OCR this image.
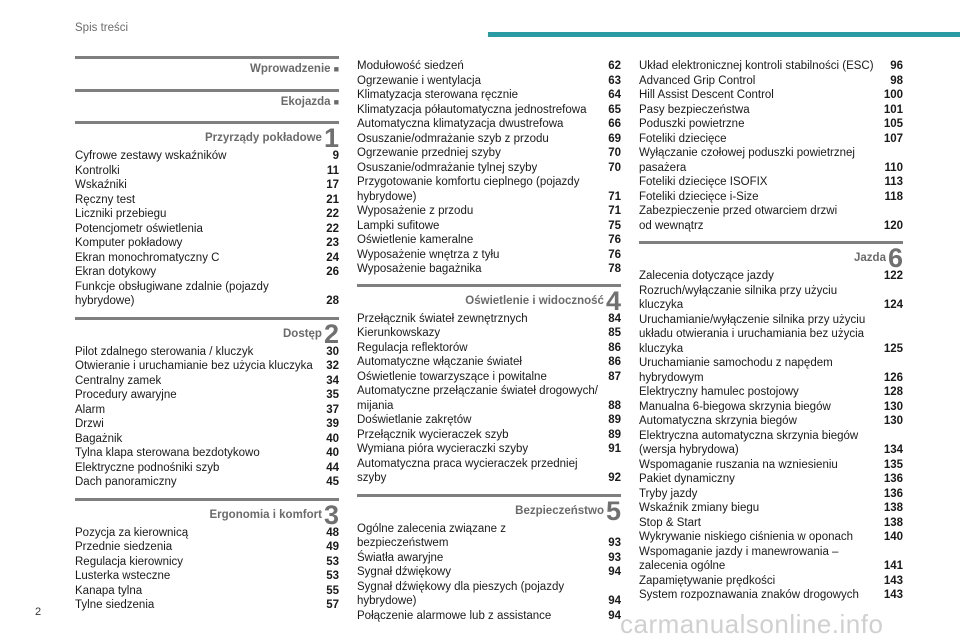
Spis treści
Wprowadzenie ■
Ekojazda ■
Przyrządy pokładowe1
Cyfrowe zestawy wskaźników	9
Kontrolki	11
Wskaźniki	17
Ręczny test	21
Liczniki przebiegu	22
Potencjometr oświetlenia	22
Komputer pokładowy	23
Ekran monochromatyczny C	24
Ekran dotykowy	26
Funkcje obsługiwane zdalnie (pojazdy
hybrydowe)	28
Dostęp2
Pilot zdalnego sterowania / kluczyk	30
Otwieranie i uruchamianie bez użycia kluczyka	32
Centralny zamek	34
Procedury awaryjne	35
Alarm	37
Drzwi	39
Bagażnik	40
Tylna klapa sterowana bezdotykowo	40
Elektryczne podnośniki szyb	44
Dach panoramiczny	45
Ergonomia i komfort3
Pozycja za kierownicą	48
Przednie siedzenia	49
Regulacja kierownicy	53
Lusterka wsteczne	53
Kanapa tylna	55
Tylne siedzenia	57
Modułowość siedzeń	62
Ogrzewanie i wentylacja	63
Klimatyzacja sterowana ręcznie	64
Klimatyzacja półautomatyczna jednostrefowa	65
Automatyczna klimatyzacja dwustrefowa	66
Osuszanie/odmrażanie szyb z przodu	69
Ogrzewanie przedniej szyby	70
Osuszanie/odmrażanie tylnej szyby	70
Przygotowanie komfortu cieplnego (pojazdy
hybrydowe)	71
Wyposażenie z przodu	71
Lampki sufitowe	75
Oświetlenie kameralne	76
Wyposażenie wnętrza z tyłu	76
Wyposażenie bagażnika	78
Oświetlenie i widoczność4
Przełącznik świateł zewnętrznych	84
Kierunkowskazy	85
Regulacja reflektorów	86
Automatyczne włączanie świateł	86
Oświetlenie towarzyszące i powitalne	87
Automatyczne przełączanie świateł drogowych/
mijania	88
Doświetlanie zakrętów	89
Przełącznik wycieraczek szyb	89
Wymiana pióra wycieraczki szyby	91
Automatyczna praca wycieraczek przedniej
szyby	92
Bezpieczeństwo5
Ogólne zalecenia związane z bezpieczeństwem	93
Światła awaryjne	93
Sygnał dźwiękowy	94
Sygnał dźwiękowy dla pieszych (pojazdy
hybrydowe)	94
Połączenie alarmowe lub z assistance	94
Układ elektronicznej kontroli stabilności (ESC)	96
Advanced Grip Control	98
Hill Assist Descent Control	100
Pasy bezpieczeństwa	101
Poduszki powietrzne	105
Foteliki dziecięce	107
Wyłączanie czołowej poduszki powietrznej
pasażera	110
Foteliki dziecięce ISOFIX	113
Foteliki dziecięce i-Size	118
Zabezpieczenie przed otwarciem drzwi
od wewnątrz	120
Jazda6
Zalecenia dotyczące jazdy	122
Rozruch/wyłączanie silnika przy użyciu
kluczyka	124
Uruchamianie/wyłączenie silnika przy użyciu
układu otwierania i uruchamiania bez użycia
kluczyka	125
Uruchamianie samochodu z napędem
hybrydowym	126
Elektryczny hamulec postojowy	128
Manualna 6-biegowa skrzynia biegów	130
Automatyczna skrzynia biegów	130
Elektryczna automatyczna skrzynia biegów
(wersja hybrydowa)	134
Wspomaganie ruszania na wzniesieniu	135
Pakiet dynamiczny	136
Tryby jazdy	136
Wskaźnik zmiany biegu	138
Stop & Start	138
Wykrywanie niskiego ciśnienia w oponach	140
Wspomaganie jazdy i manewrowania –
zalecenia ogólne	141
Zapamiętywanie prędkości	143
System rozpoznawania znaków drogowych	143
2	carmanualsonline.info
